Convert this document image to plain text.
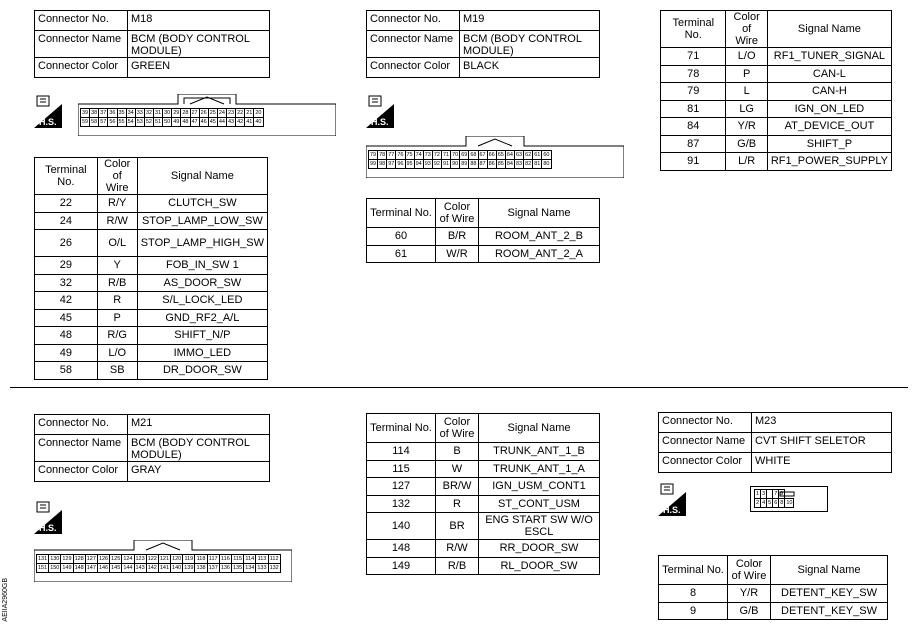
Connector No.	M18
Connector Name	BCM (BODY CONTROL MODULE)
Connector Color	GREEN
H.S.
39	38	37	36	35	34	33	32	31	30	29	28	27	26	25	24	23	22	21	20
59	58	57	56	55	54	53	52	51	50	49	48	47	46	45	44	43	42	41	40
Terminal No.	Color of Wire	Signal Name
22	R/Y	CLUTCH_SW
24	R/W	STOP_LAMP_LOW_SW
26	O/L	STOP_LAMP_HIGH_SW
29	Y	FOB_IN_SW 1
32	R/B	AS_DOOR_SW
42	R	S/L_LOCK_LED
45	P	GND_RF2_A/L
48	R/G	SHIFT_N/P
49	L/O	IMMO_LED
58	SB	DR_DOOR_SW
Connector No.	M19
Connector Name	BCM (BODY CONTROL MODULE)
Connector Color	BLACK
H.S.
79	78	77	76	75	74	73	72	71	70	69	68	67	66	65	64	63	62	61	60
99	98	97	96	95	94	93	92	91	90	89	88	87	86	85	84	83	82	81	80
Terminal No.	Color of Wire	Signal Name
60	B/R	ROOM_ANT_2_B
61	W/R	ROOM_ANT_2_A
Terminal No.	Color of Wire	Signal Name
71	L/O	RF1_TUNER_SIGNAL
78	P	CAN-L
79	L	CAN-H
81	LG	IGN_ON_LED
84	Y/R	AT_DEVICE_OUT
87	G/B	SHIFT_P
91	L/R	RF1_POWER_SUPPLY
Connector No.	M21
Connector Name	BCM (BODY CONTROL MODULE)
Connector Color	GRAY
H.S.
131	130	129	128	127	126	125	124	123	122	121	120	119	118	117	116	115	114	113	112
151	150	149	148	147	146	145	144	143	142	141	140	139	138	137	136	135	134	133	132
Terminal No.	Color of Wire	Signal Name
114	B	TRUNK_ANT_1_B
115	W	TRUNK_ANT_1_A
127	BR/W	IGN_USM_CONT1
132	R	ST_CONT_USM
140	BR	ENG START SW W/O ESCL
148	R/W	RR_DOOR_SW
149	R/B	RL_DOOR_SW
Connector No.	M23
Connector Name	CVT SHIFT SELETOR
Connector Color	WHITE
H.S.
1	3		7	9	
2	4	5	6	8	10
Terminal No.	Color of Wire	Signal Name
8	Y/R	DETENT_KEY_SW
9	G/B	DETENT_KEY_SW
AEIIA2960GB
